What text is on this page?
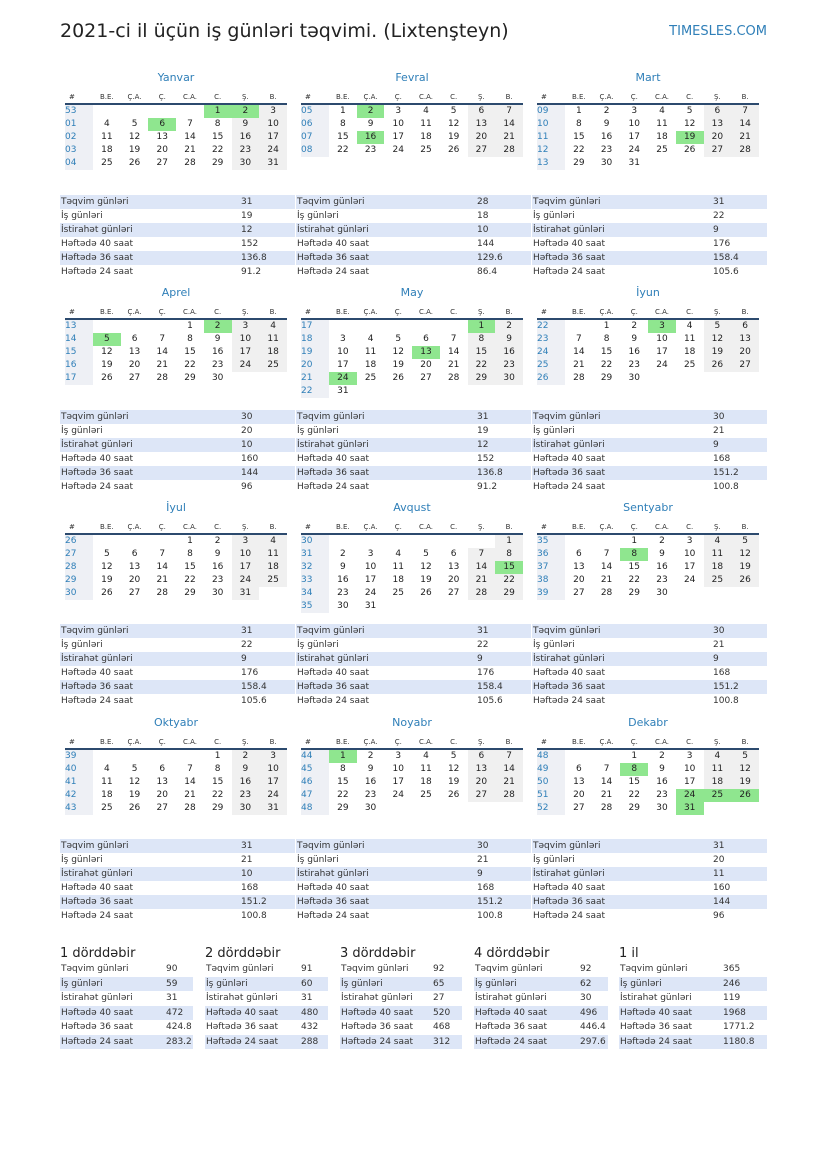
2021-ci il üçün iş günləri təqvimi. (Lixtenşteyn)	TIMESLES.COM
Yanvar
#	B.E.	Ç.A.	Ç.	C.A.	C.	Ş.	B.
53					1	2	3
01	4	5	6	7	8	9	10
02	11	12	13	14	15	16	17
03	18	19	20	21	22	23	24
04	25	26	27	28	29	30	31
Təqvim günləri	31
İş günləri	19
İstirahət günləri	12
Həftədə 40 saat	152
Həftədə 36 saat	136.8
Həftədə 24 saat	91.2
Fevral
#	B.E.	Ç.A.	Ç.	C.A.	C.	Ş.	B.
05	1	2	3	4	5	6	7
06	8	9	10	11	12	13	14
07	15	16	17	18	19	20	21
08	22	23	24	25	26	27	28
Təqvim günləri	28
İş günləri	18
İstirahət günləri	10
Həftədə 40 saat	144
Həftədə 36 saat	129.6
Həftədə 24 saat	86.4
Mart
#	B.E.	Ç.A.	Ç.	C.A.	C.	Ş.	B.
09	1	2	3	4	5	6	7
10	8	9	10	11	12	13	14
11	15	16	17	18	19	20	21
12	22	23	24	25	26	27	28
13	29	30	31				
Təqvim günləri	31
İş günləri	22
İstirahət günləri	9
Həftədə 40 saat	176
Həftədə 36 saat	158.4
Həftədə 24 saat	105.6
Aprel
#	B.E.	Ç.A.	Ç.	C.A.	C.	Ş.	B.
13				1	2	3	4
14	5	6	7	8	9	10	11
15	12	13	14	15	16	17	18
16	19	20	21	22	23	24	25
17	26	27	28	29	30		
Təqvim günləri	30
İş günləri	20
İstirahət günləri	10
Həftədə 40 saat	160
Həftədə 36 saat	144
Həftədə 24 saat	96
May
#	B.E.	Ç.A.	Ç.	C.A.	C.	Ş.	B.
17						1	2
18	3	4	5	6	7	8	9
19	10	11	12	13	14	15	16
20	17	18	19	20	21	22	23
21	24	25	26	27	28	29	30
22	31						
Təqvim günləri	31
İş günləri	19
İstirahət günləri	12
Həftədə 40 saat	152
Həftədə 36 saat	136.8
Həftədə 24 saat	91.2
İyun
#	B.E.	Ç.A.	Ç.	C.A.	C.	Ş.	B.
22		1	2	3	4	5	6
23	7	8	9	10	11	12	13
24	14	15	16	17	18	19	20
25	21	22	23	24	25	26	27
26	28	29	30				
Təqvim günləri	30
İş günləri	21
İstirahət günləri	9
Həftədə 40 saat	168
Həftədə 36 saat	151.2
Həftədə 24 saat	100.8
İyul
#	B.E.	Ç.A.	Ç.	C.A.	C.	Ş.	B.
26				1	2	3	4
27	5	6	7	8	9	10	11
28	12	13	14	15	16	17	18
29	19	20	21	22	23	24	25
30	26	27	28	29	30	31	
Təqvim günləri	31
İş günləri	22
İstirahət günləri	9
Həftədə 40 saat	176
Həftədə 36 saat	158.4
Həftədə 24 saat	105.6
Avqust
#	B.E.	Ç.A.	Ç.	C.A.	C.	Ş.	B.
30							1
31	2	3	4	5	6	7	8
32	9	10	11	12	13	14	15
33	16	17	18	19	20	21	22
34	23	24	25	26	27	28	29
35	30	31					
Təqvim günləri	31
İş günləri	22
İstirahət günləri	9
Həftədə 40 saat	176
Həftədə 36 saat	158.4
Həftədə 24 saat	105.6
Sentyabr
#	B.E.	Ç.A.	Ç.	C.A.	C.	Ş.	B.
35			1	2	3	4	5
36	6	7	8	9	10	11	12
37	13	14	15	16	17	18	19
38	20	21	22	23	24	25	26
39	27	28	29	30			
Təqvim günləri	30
İş günləri	21
İstirahət günləri	9
Həftədə 40 saat	168
Həftədə 36 saat	151.2
Həftədə 24 saat	100.8
Oktyabr
#	B.E.	Ç.A.	Ç.	C.A.	C.	Ş.	B.
39					1	2	3
40	4	5	6	7	8	9	10
41	11	12	13	14	15	16	17
42	18	19	20	21	22	23	24
43	25	26	27	28	29	30	31
Təqvim günləri	31
İş günləri	21
İstirahət günləri	10
Həftədə 40 saat	168
Həftədə 36 saat	151.2
Həftədə 24 saat	100.8
Noyabr
#	B.E.	Ç.A.	Ç.	C.A.	C.	Ş.	B.
44	1	2	3	4	5	6	7
45	8	9	10	11	12	13	14
46	15	16	17	18	19	20	21
47	22	23	24	25	26	27	28
48	29	30					
Təqvim günləri	30
İş günləri	21
İstirahət günləri	9
Həftədə 40 saat	168
Həftədə 36 saat	151.2
Həftədə 24 saat	100.8
Dekabr
#	B.E.	Ç.A.	Ç.	C.A.	C.	Ş.	B.
48			1	2	3	4	5
49	6	7	8	9	10	11	12
50	13	14	15	16	17	18	19
51	20	21	22	23	24	25	26
52	27	28	29	30	31		
Təqvim günləri	31
İş günləri	20
İstirahət günləri	11
Həftədə 40 saat	160
Həftədə 36 saat	144
Həftədə 24 saat	96
1 dörddəbir
Təqvim günləri	90
İş günləri	59
İstirahət günləri	31
Həftədə 40 saat	472
Həftədə 36 saat	424.8
Həftədə 24 saat	283.2
2 dörddəbir
Təqvim günləri	91
İş günləri	60
İstirahət günləri	31
Həftədə 40 saat	480
Həftədə 36 saat	432
Həftədə 24 saat	288
3 dörddəbir
Təqvim günləri	92
İş günləri	65
İstirahət günləri	27
Həftədə 40 saat	520
Həftədə 36 saat	468
Həftədə 24 saat	312
4 dörddəbir
Təqvim günləri	92
İş günləri	62
İstirahət günləri	30
Həftədə 40 saat	496
Həftədə 36 saat	446.4
Həftədə 24 saat	297.6
1 il
Təqvim günləri	365
İş günləri	246
İstirahət günləri	119
Həftədə 40 saat	1968
Həftədə 36 saat	1771.2
Həftədə 24 saat	1180.8
